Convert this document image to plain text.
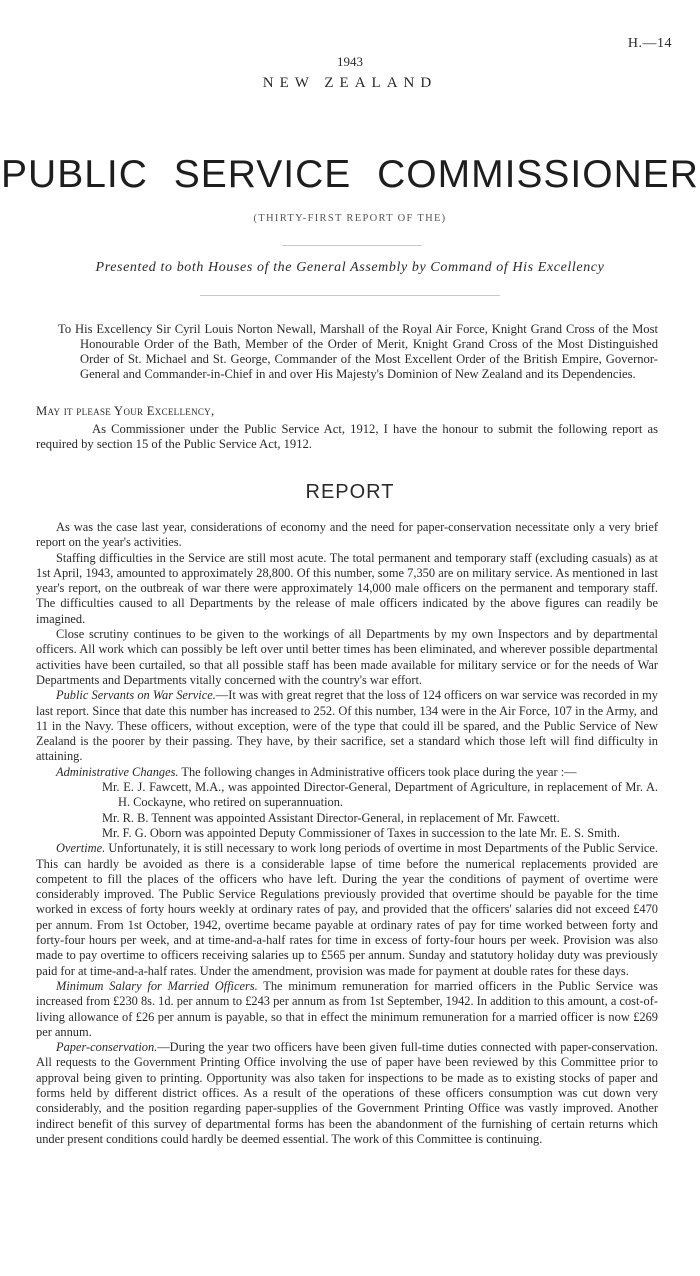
H.—14
1943
NEW ZEALAND
PUBLIC SERVICE COMMISSIONER
(THIRTY-FIRST REPORT OF THE)
Presented to both Houses of the General Assembly by Command of His Excellency
To His Excellency Sir Cyril Louis Norton Newall, Marshall of the Royal Air Force, Knight Grand Cross of the Most Honourable Order of the Bath, Member of the Order of Merit, Knight Grand Cross of the Most Distinguished Order of St. Michael and St. George, Commander of the Most Excellent Order of the British Empire, Governor-General and Commander-in-Chief in and over His Majesty's Dominion of New Zealand and its Dependencies.
May it please Your Excellency,
As Commissioner under the Public Service Act, 1912, I have the honour to submit the following report as required by section 15 of the Public Service Act, 1912.
REPORT

As was the case last year, considerations of economy and the need for paper-conservation necessitate only a very brief report on the year's activities.

Staffing difficulties in the Service are still most acute. The total permanent and temporary staff (excluding casuals) as at 1st April, 1943, amounted to approximately 28,800. Of this number, some 7,350 are on military service. As mentioned in last year's report, on the outbreak of war there were approximately 14,000 male officers on the permanent and temporary staff. The difficulties caused to all Departments by the release of male officers indicated by the above figures can readily be imagined.

Close scrutiny continues to be given to the workings of all Departments by my own Inspectors and by departmental officers. All work which can possibly be left over until better times has been eliminated, and wherever possible departmental activities have been curtailed, so that all possible staff has been made available for military service or for the needs of War Departments and Departments vitally concerned with the country's war effort.

Public Servants on War Service.—It was with great regret that the loss of 124 officers on war service was recorded in my last report. Since that date this number has increased to 252. Of this number, 134 were in the Air Force, 107 in the Army, and 11 in the Navy. These officers, without exception, were of the type that could ill be spared, and the Public Service of New Zealand is the poorer by their passing. They have, by their sacrifice, set a standard which those left will find difficulty in attaining.

Administrative Changes. The following changes in Administrative officers took place during the year :—

Mr. E. J. Fawcett, M.A., was appointed Director-General, Department of Agriculture, in replacement of Mr. A. H. Cockayne, who retired on superannuation.
Mr. R. B. Tennent was appointed Assistant Director-General, in replacement of Mr. Fawcett.
Mr. F. G. Oborn was appointed Deputy Commissioner of Taxes in succession to the late Mr. E. S. Smith.

Overtime. Unfortunately, it is still necessary to work long periods of overtime in most Departments of the Public Service. This can hardly be avoided as there is a considerable lapse of time before the numerical replacements provided are competent to fill the places of the officers who have left. During the year the conditions of payment of overtime were considerably improved. The Public Service Regulations previously provided that overtime should be payable for the time worked in excess of forty hours weekly at ordinary rates of pay, and provided that the officers' salaries did not exceed £470 per annum. From 1st October, 1942, overtime became payable at ordinary rates of pay for time worked between forty and forty-four hours per week, and at time-and-a-half rates for time in excess of forty-four hours per week. Provision was also made to pay overtime to officers receiving salaries up to £565 per annum. Sunday and statutory holiday duty was previously paid for at time-and-a-half rates. Under the amendment, provision was made for payment at double rates for these days.

Minimum Salary for Married Officers. The minimum remuneration for married officers in the Public Service was increased from £230 8s. 1d. per annum to £243 per annum as from 1st September, 1942. In addition to this amount, a cost-of-living allowance of £26 per annum is payable, so that in effect the minimum remuneration for a married officer is now £269 per annum.

Paper-conservation.—During the year two officers have been given full-time duties connected with paper-conservation. All requests to the Government Printing Office involving the use of paper have been reviewed by this Committee prior to approval being given to printing. Opportunity was also taken for inspections to be made as to existing stocks of paper and forms held by different district offices. As a result of the operations of these officers consumption was cut down very considerably, and the position regarding paper-supplies of the Government Printing Office was vastly improved. Another indirect benefit of this survey of departmental forms has been the abandonment of the furnishing of certain returns which under present conditions could hardly be deemed essential. The work of this Committee is continuing.
